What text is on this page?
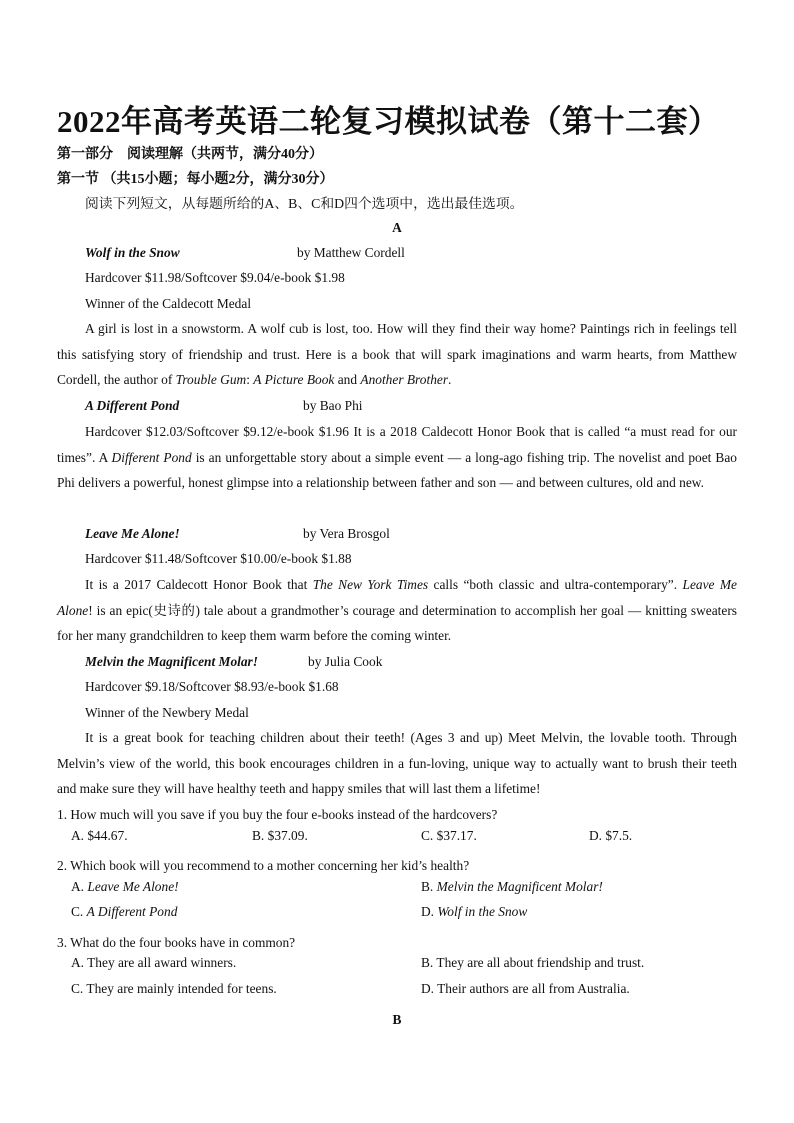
2022年高考英语二轮复习模拟试卷（第十二套）
第一部分　阅读理解（共两节，满分40分）
第一节 （共15小题；每小题2分，满分30分）
阅读下列短文，从每题所给的A、B、C和D四个选项中，选出最佳选项。
A
Wolf in the Snow	by Matthew Cordell
Hardcover $11.98/Softcover $9.04/e-book $1.98
Winner of the Caldecott Medal
A girl is lost in a snowstorm. A wolf cub is lost, too. How will they find their way home? Paintings rich in feelings tell this satisfying story of friendship and trust. Here is a book that will spark imaginations and warm hearts, from Matthew Cordell, the author of Trouble Gum: A Picture Book and Another Brother.
A Different Pond	by Bao Phi
Hardcover $12.03/Softcover $9.12/e-book $1.96 It is a 2018 Caldecott Honor Book that is called “a must read for our times”. A Different Pond is an unforgettable story about a simple event — a long-ago fishing trip. The novelist and poet Bao Phi delivers a powerful, honest glimpse into a relationship between father and son — and between cultures, old and new.
Leave Me Alone!	by Vera Brosgol
Hardcover $11.48/Softcover $10.00/e-book $1.88
It is a 2017 Caldecott Honor Book that The New York Times calls “both classic and ultra-contemporary”. Leave Me Alone! is an epic(史诗的) tale about a grandmother’s courage and determination to accomplish her goal — knitting sweaters for her many grandchildren to keep them warm before the coming winter.
Melvin the Magnificent Molar!	by Julia Cook
Hardcover $9.18/Softcover $8.93/e-book $1.68
Winner of the Newbery Medal
It is a great book for teaching children about their teeth! (Ages 3 and up) Meet Melvin, the lovable tooth. Through Melvin’s view of the world, this book encourages children in a fun-loving, unique way to actually want to brush their teeth and make sure they will have healthy teeth and happy smiles that will last them a lifetime!
1. How much will you save if you buy the four e-books instead of the hardcovers?
A. $44.67.	B. $37.09.	C. $37.17.	D. $7.5.
2. Which book will you recommend to a mother concerning her kid’s health?
A. Leave Me Alone!	B. Melvin the Magnificent Molar!
C. A Different Pond	D. Wolf in the Snow
3. What do the four books have in common?
A. They are all award winners.	B. They are all about friendship and trust.
C. They are mainly intended for teens.	D. Their authors are all from Australia.
B
